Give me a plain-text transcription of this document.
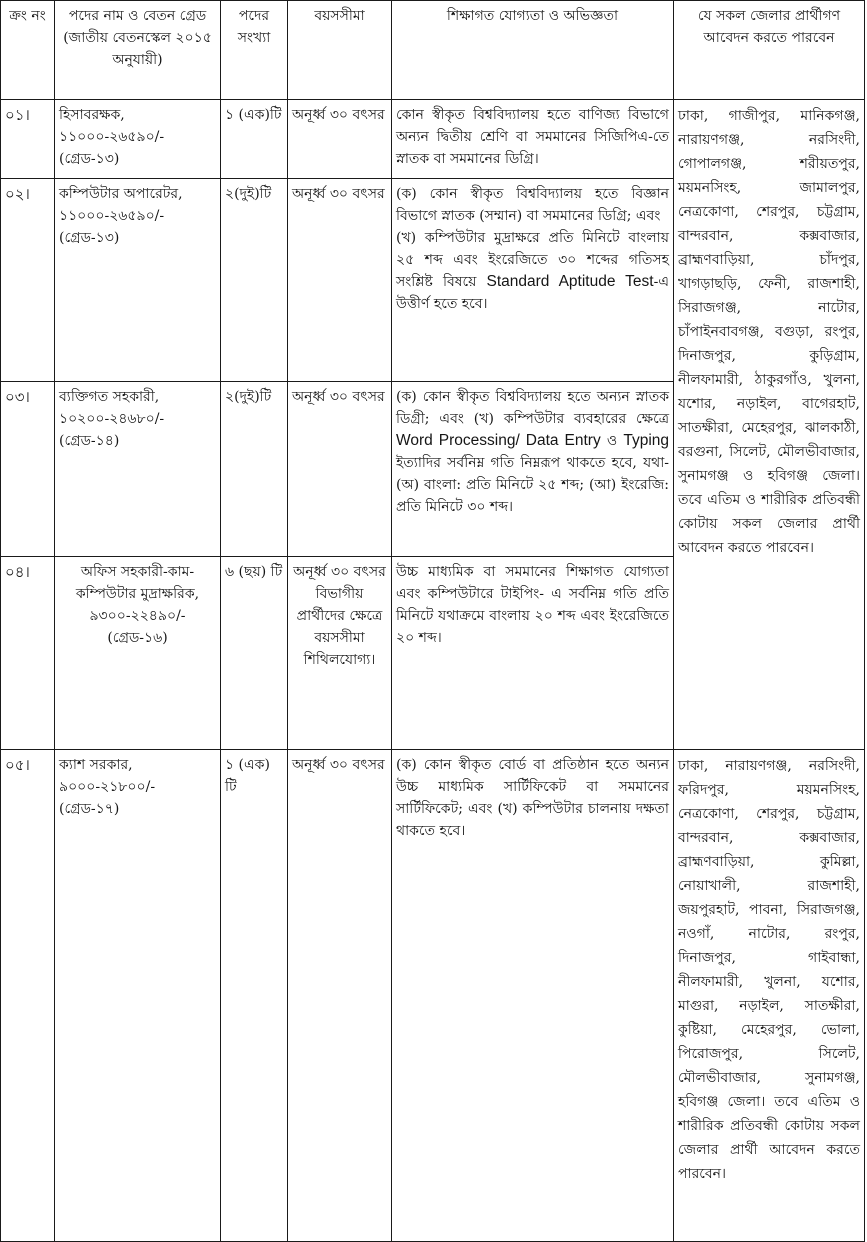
ক্রং নং	পদের নাম ও বেতন গ্রেড (জাতীয় বেতনস্কেল ২০১৫ অনুযায়ী)	পদের সংখ্যা	বয়সসীমা	শিক্ষাগত যোগ্যতা ও অভিজ্ঞতা	যে সকল জেলার প্রার্থীগণ আবেদন করতে পারবেন
০১।	হিসাবরক্ষক, ১১০০০-২৬৫৯০/- (গ্রেড-১৩)	১ (এক)টি	অনূর্ধ্ব ৩০ বৎসর	কোন স্বীকৃত বিশ্ববিদ্যালয় হতে বাণিজ্য বিভাগে অন্যন দ্বিতীয় শ্রেণি বা সমমানের সিজিপিএ-তে স্নাতক বা সমমানের ডিগ্রি।	ঢাকা, গাজীপুর, মানিকগঞ্জ, নারায়ণগঞ্জ, নরসিংদী, গোপালগঞ্জ, শরীয়তপুর, ময়মনসিংহ, জামালপুর, নেত্রকোণা, শেরপুর, চট্টগ্রাম, বান্দরবান, কক্সবাজার, ব্রাহ্মণবাড়িয়া, চাঁদপুর, খাগড়াছড়ি, ফেনী, রাজশাহী, সিরাজগঞ্জ, নাটোর, চাঁপাইনবাবগঞ্জ, বগুড়া, রংপুর, দিনাজপুর, কুড়িগ্রাম, নীলফামারী, ঠাকুরগাঁও, খুলনা, যশোর, নড়াইল, বাগেরহাট, সাতক্ষীরা, মেহেরপুর, ঝালকাঠী, বরগুনা, সিলেট, মৌলভীবাজার, সুনামগঞ্জ ও হবিগঞ্জ জেলা।
তবে এতিম ও শারীরিক প্রতিবন্ধী কোটায় সকল জেলার প্রার্থী আবেদন করতে পারবেন।

০২।	কম্পিউটার অপারেটর, ১১০০০-২৬৫৯০/- (গ্রেড-১৩)	২(দুই)টি	অনূর্ধ্ব ৩০ বৎসর	(ক) কোন স্বীকৃত বিশ্ববিদ্যালয় হতে বিজ্ঞান বিভাগে স্নাতক (সম্মান) বা সমমানের ডিগ্রি; এবং
(খ) কম্পিউটার মুদ্রাক্ষরে প্রতি মিনিটে বাংলায় ২৫ শব্দ এবং ইংরেজিতে ৩০ শব্দের গতিসহ সংশ্লিষ্ট বিষয়ে Standard Aptitude Test-এ উত্তীর্ণ হতে হবে।	
০৩।	ব্যক্তিগত সহকারী, ১০২০০-২৪৬৮০/- (গ্রেড-১৪)	২(দুই)টি	অনূর্ধ্ব ৩০ বৎসর	(ক) কোন স্বীকৃত বিশ্ববিদ্যালয় হতে অন্যন স্নাতক ডিগ্রী; এবং (খ) কম্পিউটার ব্যবহারের ক্ষেত্রে Word Processing/ Data Entry ও Typing ইত্যাদির সর্বনিম্ন গতি নিম্নরূপ থাকতে হবে, যথা- (অ) বাংলা: প্রতি মিনিটে ২৫ শব্দ; (আ) ইংরেজি: প্রতি মিনিটে ৩০ শব্দ।	
০৪।	অফিস সহকারী-কাম-কম্পিউটার মুদ্রাক্ষরিক, ৯৩০০-২২৪৯০/- (গ্রেড-১৬)	৬ (ছয়) টি	অনূর্ধ্ব ৩০ বৎসর বিভাগীয় প্রার্থীদের ক্ষেত্রে বয়সসীমা শিথিলযোগ্য।	উচ্চ মাধ্যমিক বা সমমানের শিক্ষাগত যোগ্যতা এবং কম্পিউটারে টাইপিং- এ সর্বনিম্ন গতি প্রতি মিনিটে যথাক্রমে বাংলায় ২০ শব্দ এবং ইংরেজিতে ২০ শব্দ।	
০৫।	ক্যাশ সরকার, ৯০০০-২১৮০০/- (গ্রেড-১৭)	১ (এক) টি	অনূর্ধ্ব ৩০ বৎসর	(ক) কোন স্বীকৃত বোর্ড বা প্রতিষ্ঠান হতে অন্যন উচ্চ মাধ্যমিক সার্টিফিকেট বা সমমানের সার্টিফিকেট; এবং (খ) কম্পিউটার চালনায় দক্ষতা থাকতে হবে।	ঢাকা, নারায়ণগঞ্জ, নরসিংদী, ফরিদপুর, ময়মনসিংহ, নেত্রকোণা, শেরপুর, চট্টগ্রাম, বান্দরবান, কক্সবাজার, ব্রাহ্মণবাড়িয়া, কুমিল্লা, নোয়াখালী, রাজশাহী, জয়পুরহাট, পাবনা, সিরাজগঞ্জ, নওগাঁ, নাটোর, রংপুর, দিনাজপুর, গাইবান্ধা, নীলফামারী, খুলনা, যশোর, মাগুরা, নড়াইল, সাতক্ষীরা, কুষ্টিয়া, মেহেরপুর, ভোলা, পিরোজপুর, সিলেট, মৌলভীবাজার, সুনামগঞ্জ, হবিগঞ্জ জেলা। তবে এতিম ও শারীরিক প্রতিবন্ধী কোটায় সকল জেলার প্রার্থী আবেদন করতে পারবেন।
